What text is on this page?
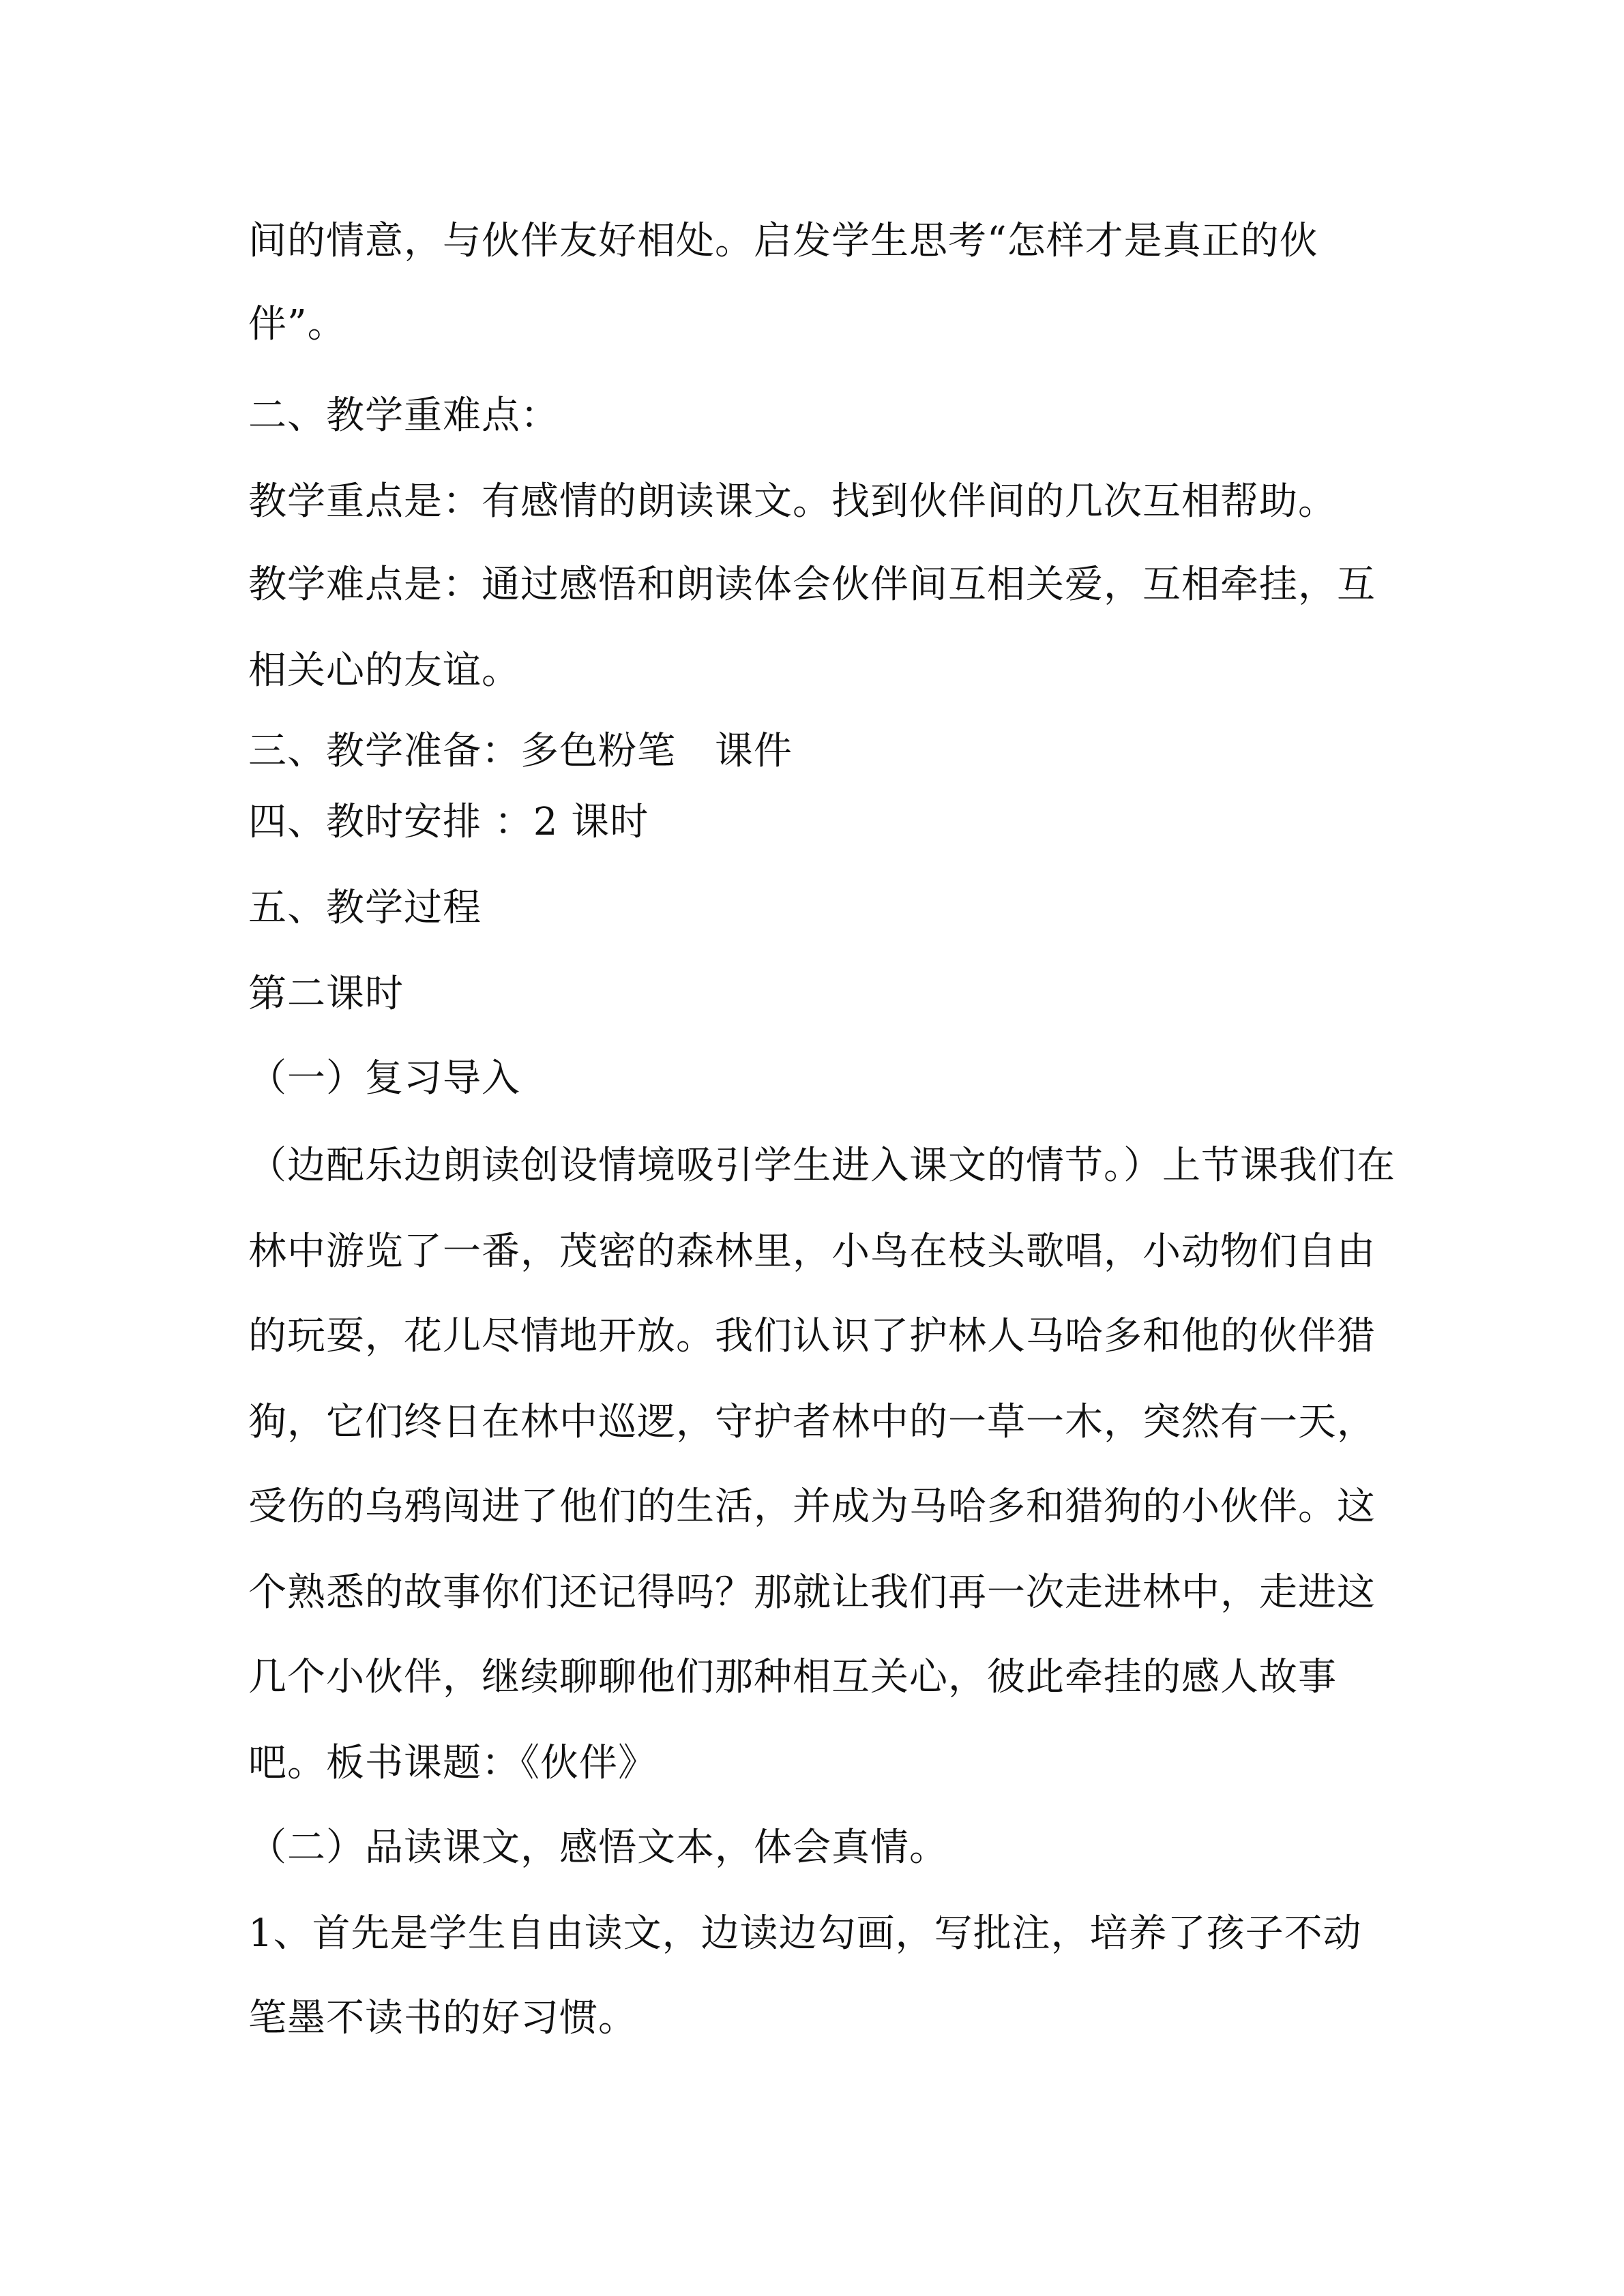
间的情意，与伙伴友好相处。启发学生思考“怎样才是真正的伙
伴”。
二、教学重难点：
教学重点是：有感情的朗读课文。找到伙伴间的几次互相帮助。
教学难点是：通过感悟和朗读体会伙伴间互相关爱，互相牵挂，互
相关心的友谊。
三、教学准备：多色粉笔　课件
四、教时安排 ：2 课时
五、教学过程
第二课时
（一）复习导入
（边配乐边朗读创设情境吸引学生进入课文的情节。）上节课我们在
林中游览了一番，茂密的森林里，小鸟在枝头歌唱，小动物们自由
的玩耍，花儿尽情地开放。我们认识了护林人马哈多和他的伙伴猎
狗，它们终日在林中巡逻，守护者林中的一草一木，突然有一天，
受伤的乌鸦闯进了他们的生活，并成为马哈多和猎狗的小伙伴。这
个熟悉的故事你们还记得吗？那就让我们再一次走进林中，走进这
几个小伙伴，继续聊聊他们那种相互关心，彼此牵挂的感人故事
吧。板书课题：《伙伴》
（二）品读课文，感悟文本，体会真情。
1、首先是学生自由读文，边读边勾画，写批注，培养了孩子不动
笔墨不读书的好习惯。
